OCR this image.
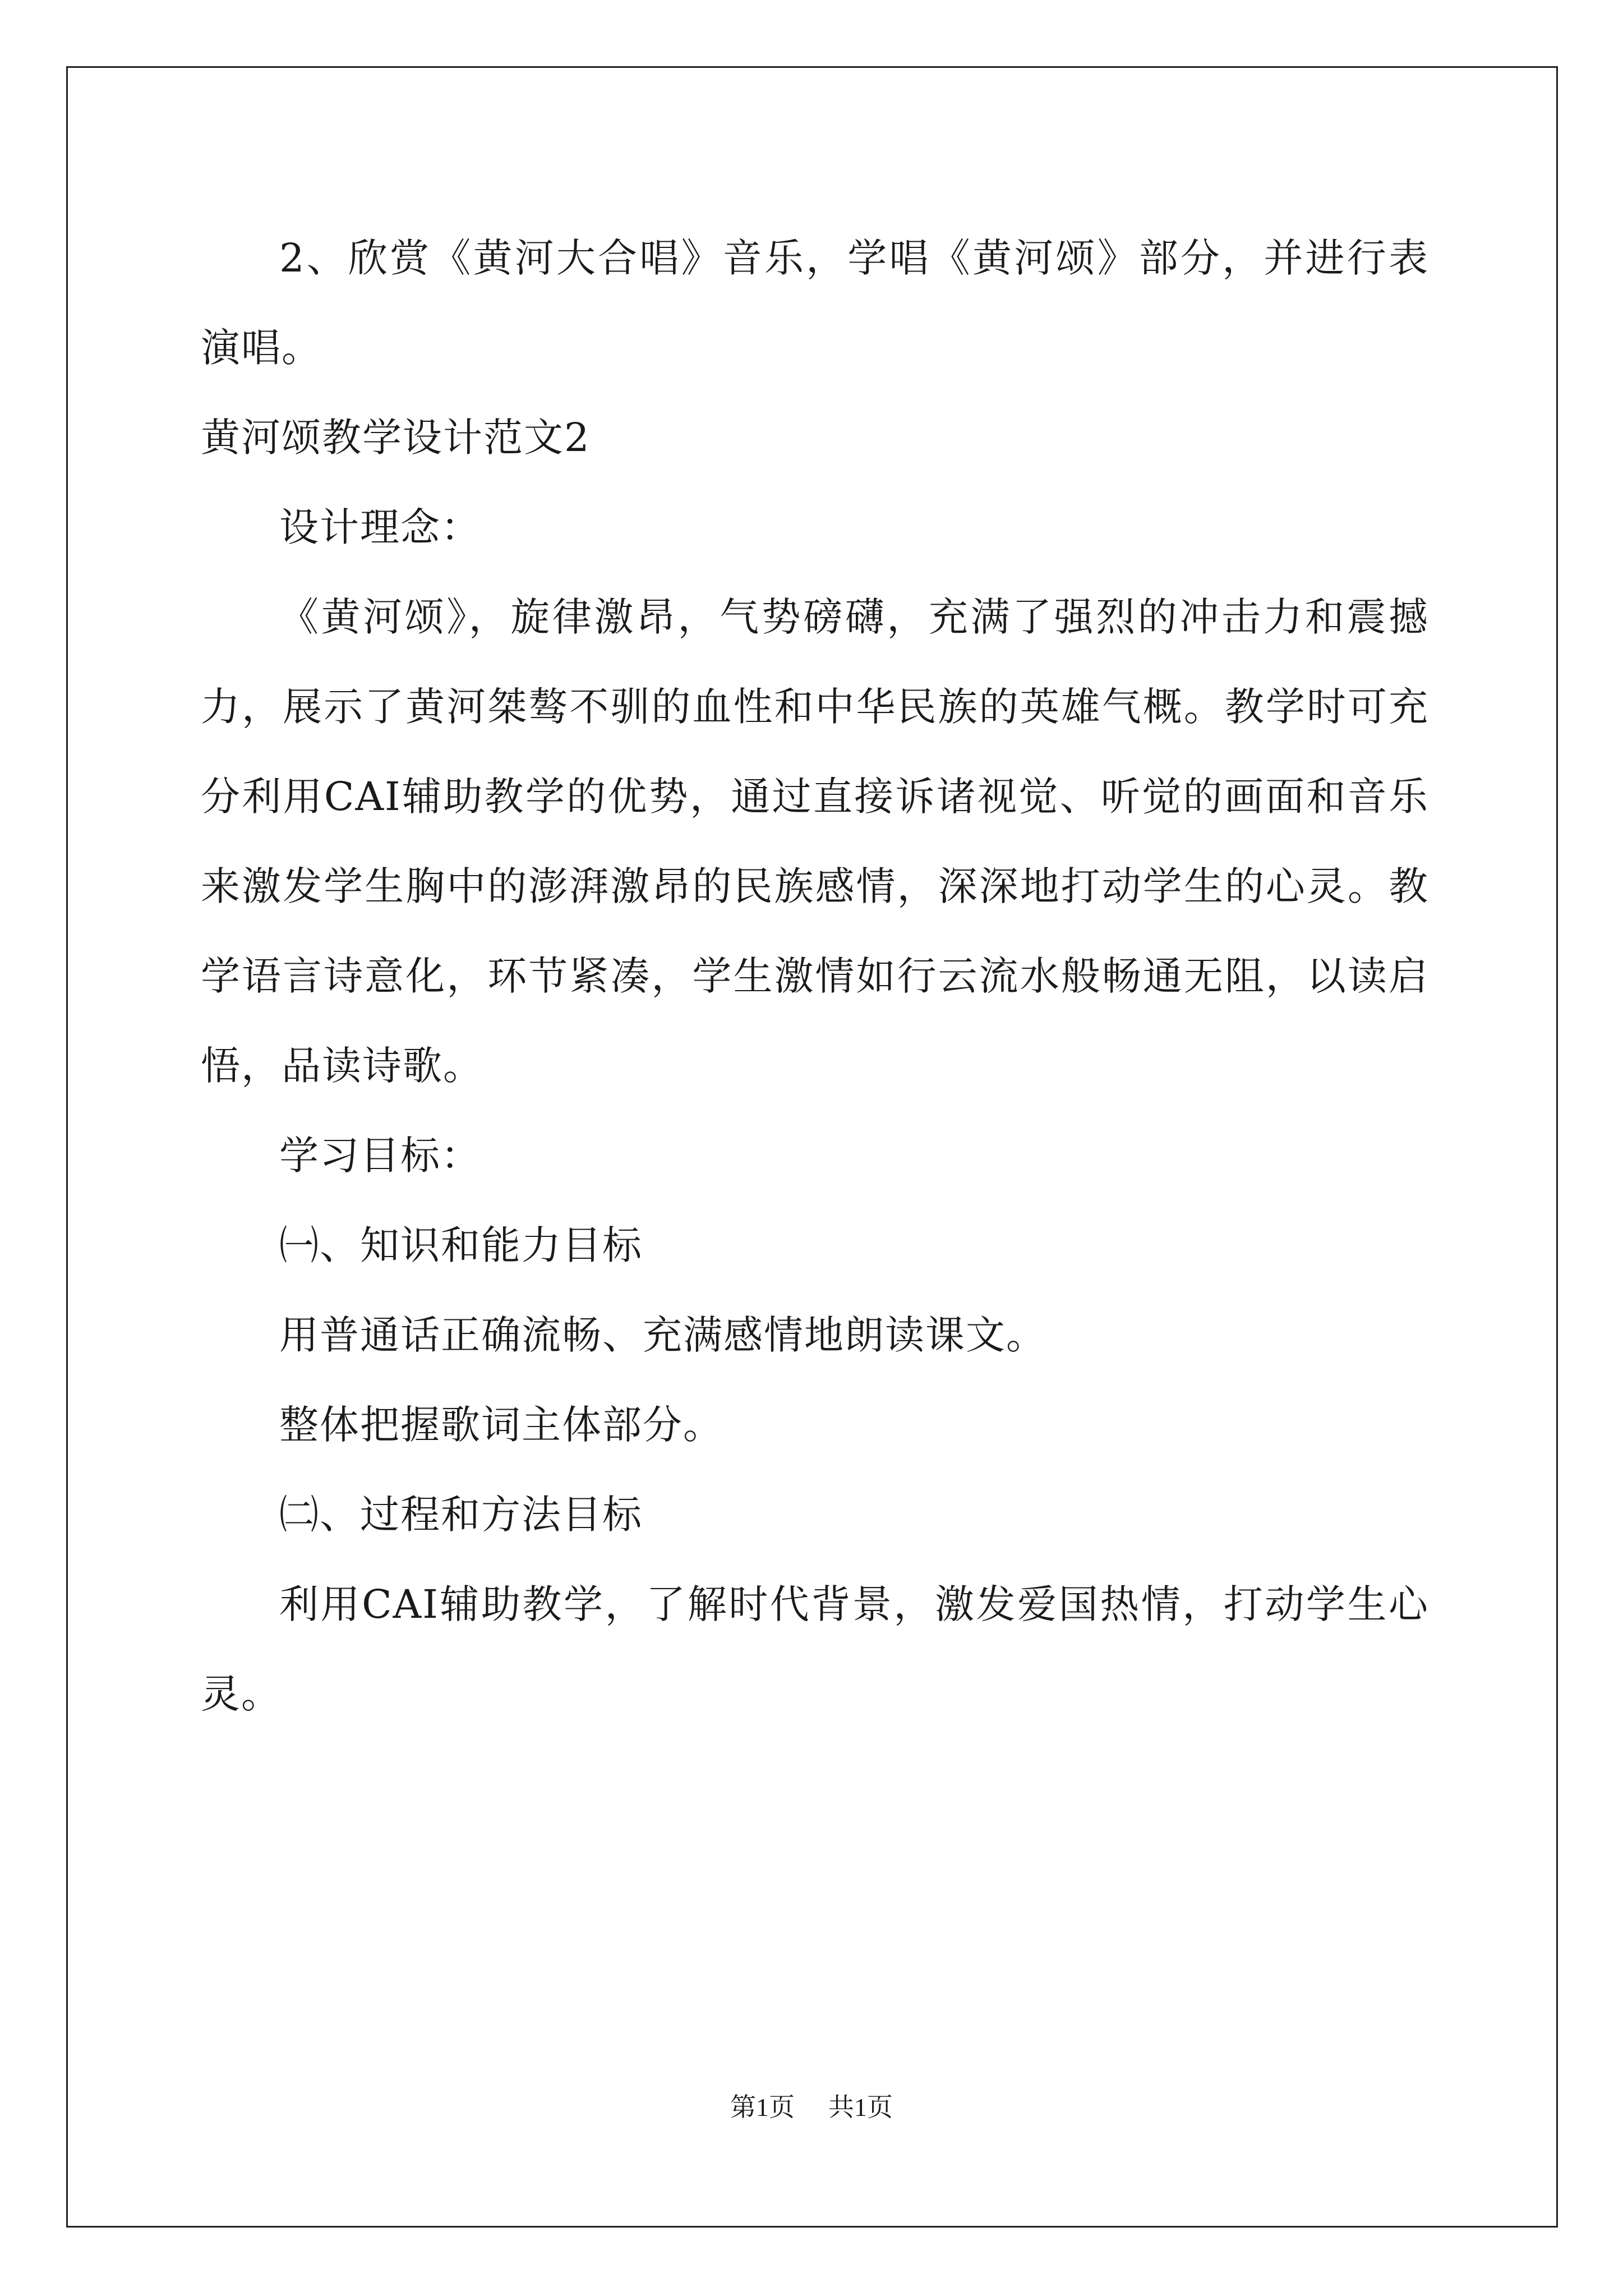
2、欣赏《黄河大合唱》音乐，学唱《黄河颂》部分，并进行表演唱。

黄河颂教学设计范文2

设计理念：

《黄河颂》，旋律激昂，气势磅礴，充满了强烈的冲击力和震撼力，展示了黄河桀骜不驯的血性和中华民族的英雄气概。教学时可充分利用CAI辅助教学的优势，通过直接诉诸视觉、听觉的画面和音乐来激发学生胸中的澎湃激昂的民族感情，深深地打动学生的心灵。教学语言诗意化，环节紧凑，学生激情如行云流水般畅通无阻，以读启悟，品读诗歌。

学习目标：

㈠、知识和能力目标

用普通话正确流畅、充满感情地朗读课文。

整体把握歌词主体部分。

㈡、过程和方法目标

利用CAI辅助教学，了解时代背景，激发爱国热情，打动学生心灵。

第1页 共1页
